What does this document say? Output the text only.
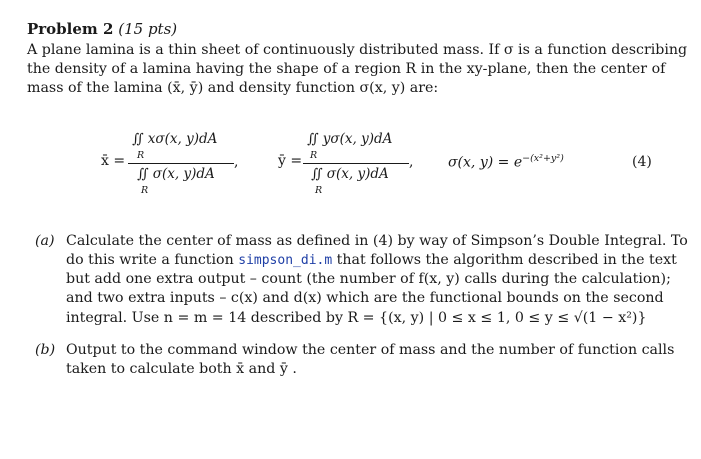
Problem 2 (15 pts)
A plane lamina is a thin sheet of continuously distributed mass. If σ is a function describing
the density of a lamina having the shape of a region R in the xy-plane, then the center of
mass of the lamina (x̄, ȳ) and density function σ(x, y) are:
x̄ =
∬ xσ(x, y)dA
R
∬ σ(x, y)dA
R
,	ȳ =
∬ yσ(x, y)dA
R
∬ σ(x, y)dA
R
, σ(x, $y) = e^{-(x^2+y^2)}$	(4)
(a) Calculate the center of mass as defined in (4) by way of Simpson’s Double Integral. To
do this write a function simpson_di.m that follows the algorithm described in the text
but add one extra output – count (the number of f(x, y) calls during the calculation);
and two extra inputs – c(x) and d(x) which are the functional bounds on the second
integral. Use n = m = 14 described by R = {(x, y) | 0 ≤ x ≤ 1, 0 ≤ y ≤ √(1 − x²)}
(b) Output to the command window the center of mass and the number of function calls
taken to calculate both x̄ and ȳ .
